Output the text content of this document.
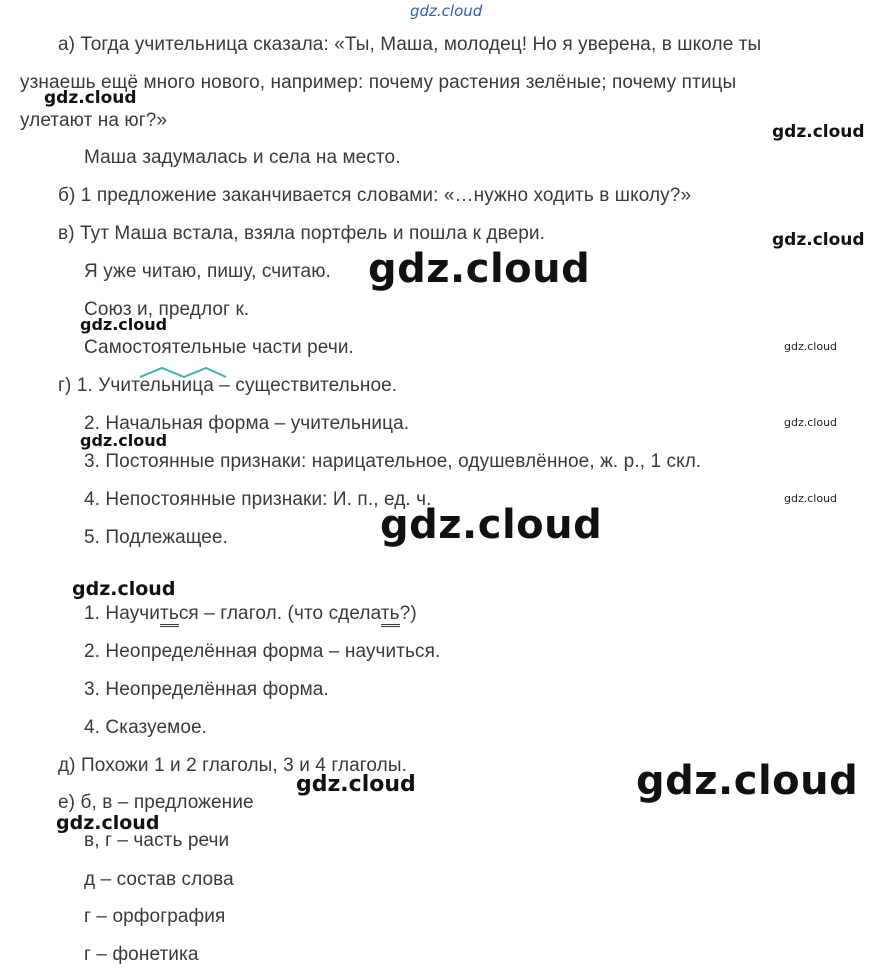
gdz.cloud
gdz.cloud
gdz.cloud
gdz.cloud
gdz.cloud
gdz.cloud
gdz.cloud
gdz.cloud
gdz.cloud
gdz.cloud
gdz.cloud
gdz.cloud
gdz.cloud	gdz.cloud
gdz.cloud
а) Тогда учительница сказала: «Ты, Маша, молодец! Но я уверена, в школе ты
узнаешь ещё много нового, например: почему растения зелёные; почему птицы
улетают на юг?»
Маша задумалась и села на место.
б) 1 предложение заканчивается словами: «…нужно ходить в школу?»
в) Тут Маша встала, взяла портфель и пошла к двери.
Я уже читаю, пишу, считаю.
Союз и, предлог к.
Самостоятельные части речи.
г) 1. Учительница – существительное.
2. Начальная форма – учительница.
3. Постоянные признаки: нарицательное, одушевлённое, ж. р., 1 скл.
4. Непостоянные признаки: И. п., ед. ч.
5. Подлежащее.
1. Научиться – глагол. (что сделать?)
2. Неопределённая форма – научиться.
3. Неопределённая форма.
4. Сказуемое.
д) Похожи 1 и 2 глаголы, 3 и 4 глаголы.
е) б, в – предложение
в, г – часть речи
д – состав слова
г – орфография
г – фонетика
